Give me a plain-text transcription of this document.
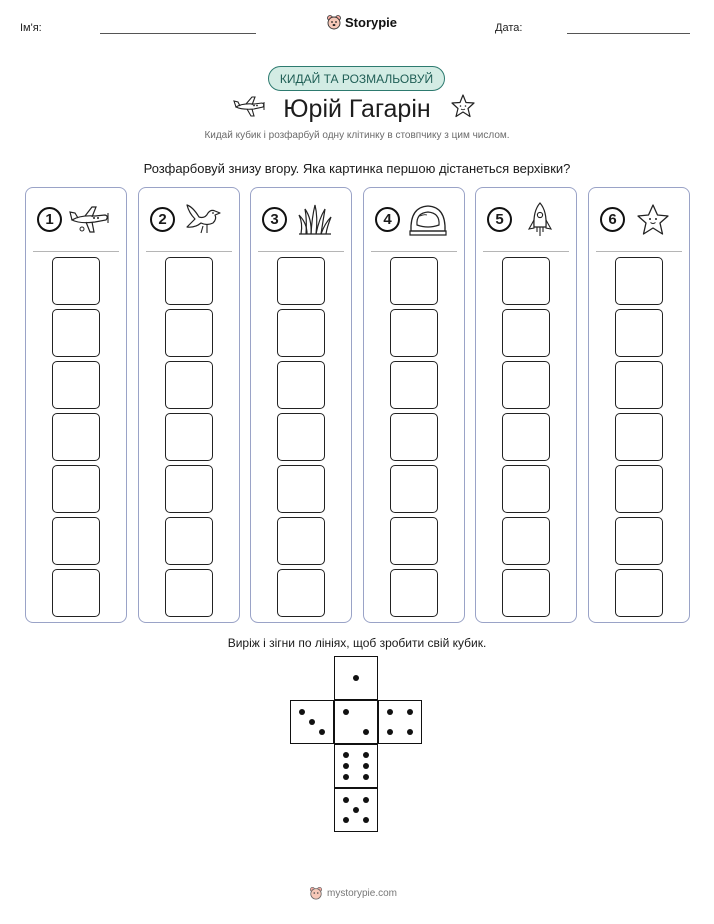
Ім'я:	Storypie	Дата:
КИДАЙ ТА РОЗМАЛЬОВУЙ
Юрій Гагарін
Кидай кубик і розфарбуй одну клітинку в стовпчику з цим числом.
Розфарбовуй знизу вгору. Яка картинка першою дістанеться верхівки?
1	2	3	4	5	6
Виріж і зігни по лініях, щоб зробити свій кубик.
mystorypie.com
